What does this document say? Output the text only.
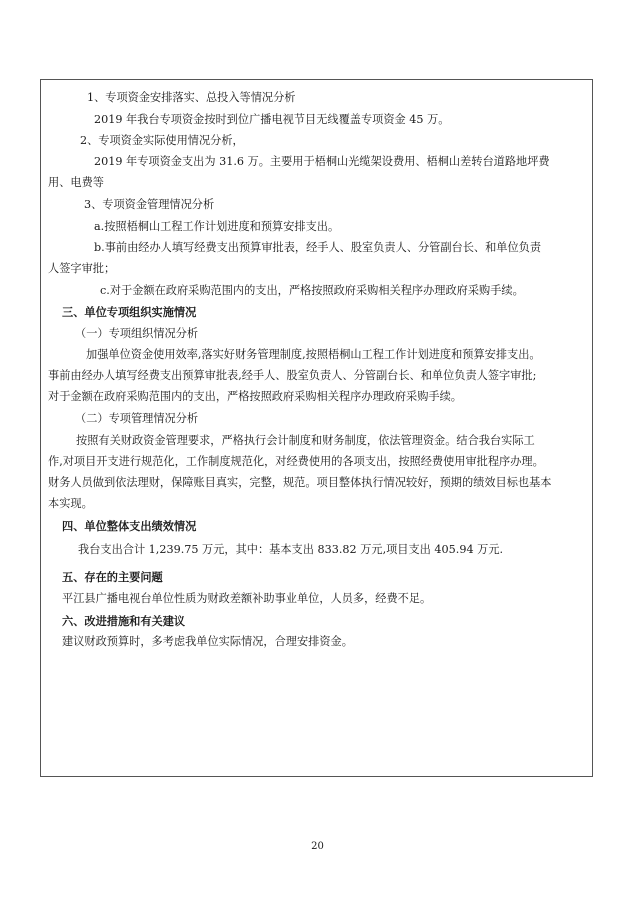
1、专项资金安排落实、总投入等情况分析
2019 年我台专项资金按时到位广播电视节目无线覆盖专项资金 45 万。
2、专项资金实际使用情况分析，
2019 年专项资金支出为 31.6 万。主要用于梧桐山光缆架设费用、梧桐山差转台道路地坪费
用、电费等
3、专项资金管理情况分析
a.按照梧桐山工程工作计划进度和预算安排支出。
b.事前由经办人填写经费支出预算审批表，经手人、股室负责人、分管副台长、和单位负责
人签字审批；
c.对于金额在政府采购范围内的支出，严格按照政府采购相关程序办理政府采购手续。
三、单位专项组织实施情况
（一）专项组织情况分析
加强单位资金使用效率,落实好财务管理制度,按照梧桐山工程工作计划进度和预算安排支出。
事前由经办人填写经费支出预算审批表,经手人、股室负责人、分管副台长、和单位负责人签字审批;
对于金额在政府采购范围内的支出，严格按照政府采购相关程序办理政府采购手续。
（二）专项管理情况分析
按照有关财政资金管理要求，严格执行会计制度和财务制度，依法管理资金。结合我台实际工
作,对项目开支进行规范化，工作制度规范化，对经费使用的各项支出，按照经费使用审批程序办理。
财务人员做到依法理财，保障账目真实，完整，规范。项目整体执行情况较好，预期的绩效目标也基本
本实现。
四、单位整体支出绩效情况
我台支出合计 1,239.75 万元，其中：基本支出 833.82 万元,项目支出 405.94 万元.
五、存在的主要问题
平江县广播电视台单位性质为财政差额补助事业单位，人员多，经费不足。
六、改进措施和有关建议
建议财政预算时，多考虑我单位实际情况，合理安排资金。
20
